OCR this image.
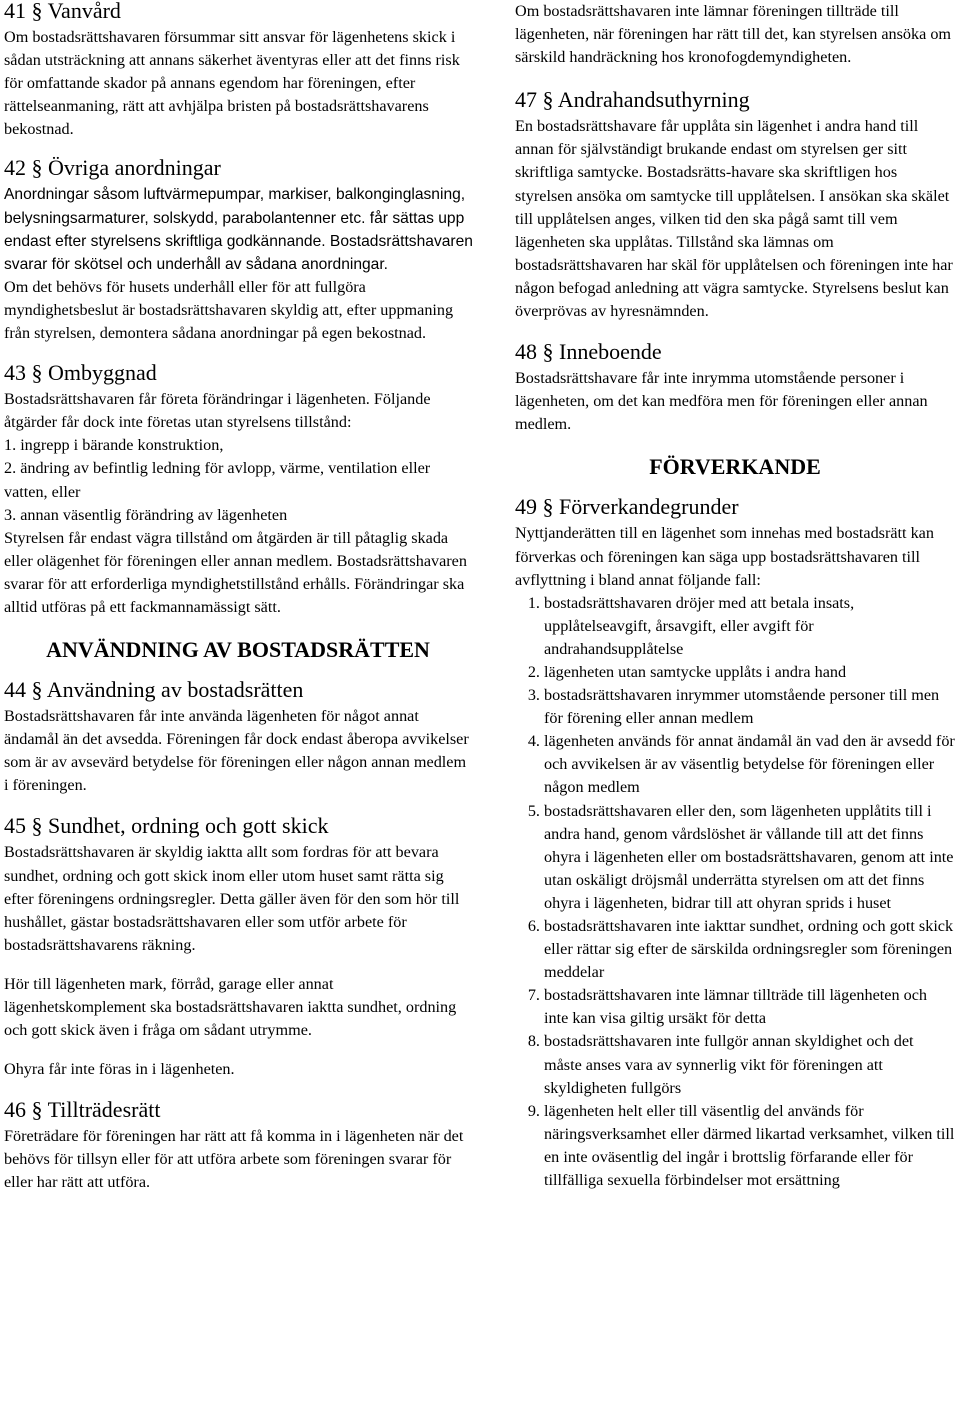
41 § Vanvård

Om bostadsrättshavaren försummar sitt ansvar för lägenhetens skick i sådan utsträckning att annans säkerhet äventyras eller att det finns risk för omfattande skador på annans egendom har föreningen, efter rättelseanmaning, rätt att avhjälpa bristen på bostadsrättshavarens bekostnad.

42 § Övriga anordningar

Anordningar såsom luftvärmepumpar, markiser, balkonginglasning, belysningsarmaturer, solskydd, parabolantenner etc. får sättas upp endast efter styrelsens skriftliga godkännande. Bostadsrättshavaren svarar för skötsel och underhåll av sådana anordningar.

Om det behövs för husets underhåll eller för att fullgöra myndighetsbeslut är bostadsrättshavaren skyldig att, efter uppmaning från styrelsen, demontera sådana anordningar på egen bekostnad.

43 § Ombyggnad

Bostadsrättshavaren får företa förändringar i lägenheten. Följande åtgärder får dock inte företas utan styrelsens tillstånd:

1. ingrepp i bärande konstruktion,

2. ändring av befintlig ledning för avlopp, värme, ventilation eller vatten, eller

3. annan väsentlig förändring av lägenheten

Styrelsen får endast vägra tillstånd om åtgärden är till påtaglig skada eller olägenhet för föreningen eller annan medlem. Bostadsrättshavaren svarar för att erforderliga myndighetstillstånd erhålls. Förändringar ska alltid utföras på ett fackmannamässigt sätt.

ANVÄNDNING AV BOSTADSRÄTTEN

44 § Användning av bostadsrätten

Bostadsrättshavaren får inte använda lägenheten för något annat ändamål än det avsedda. Föreningen får dock endast åberopa avvikelser som är av avsevärd betydelse för föreningen eller någon annan medlem i föreningen.

45 § Sundhet, ordning och gott skick

Bostadsrättshavaren är skyldig iaktta allt som fordras för att bevara sundhet, ordning och gott skick inom eller utom huset samt rätta sig efter föreningens ordningsregler. Detta gäller även för den som hör till hushållet, gästar bostadsrättshavaren eller som utför arbete för bostadsrättshavarens räkning.

Hör till lägenheten mark, förråd, garage eller annat lägenhetskomplement ska bostadsrättshavaren iaktta sundhet, ordning och gott skick även i fråga om sådant utrymme.

Ohyra får inte föras in i lägenheten.

46 § Tillträdesrätt

Företrädare för föreningen har rätt att få komma in i lägenheten när det behövs för tillsyn eller för att utföra arbete som föreningen svarar för eller har rätt att utföra.

Om bostadsrättshavaren inte lämnar föreningen tillträde till lägenheten, när föreningen har rätt till det, kan styrelsen ansöka om särskild handräckning hos kronofogdemyndigheten.

47 § Andrahandsuthyrning

En bostadsrättshavare får upplåta sin lägenhet i andra hand till annan för självständigt brukande endast om styrelsen ger sitt skriftliga samtycke. Bostadsrätts-havare ska skriftligen hos styrelsen ansöka om samtycke till upplåtelsen. I ansökan ska skälet till upplåtelsen anges, vilken tid den ska pågå samt till vem lägenheten ska upplåtas. Tillstånd ska lämnas om bostadsrättshavaren har skäl för upplåtelsen och föreningen inte har någon befogad anledning att vägra samtycke. Styrelsens beslut kan överprövas av hyresnämnden.

48 § Inneboende

Bostadsrättshavare får inte inrymma utomstående personer i lägenheten, om det kan medföra men för föreningen eller annan medlem.

FÖRVERKANDE

49 § Förverkandegrunder

Nyttjanderätten till en lägenhet som innehas med bostadsrätt kan förverkas och föreningen kan säga upp bostadsrättshavaren till avflyttning i bland annat följande fall:

1. bostadsrättshavaren dröjer med att betala insats, upplåtelseavgift, årsavgift, eller avgift för andrahandsupplåtelse
2. lägenheten utan samtycke upplåts i andra hand
3. bostadsrättshavaren inrymmer utomstående personer till men för förening eller annan medlem
4. lägenheten används för annat ändamål än vad den är avsedd för och avvikelsen är av väsentlig betydelse för föreningen eller någon medlem
5. bostadsrättshavaren eller den, som lägenheten upplåtits till i andra hand, genom vårdslöshet är vållande till att det finns ohyra i lägenheten eller om bostadsrättshavaren, genom att inte utan oskäligt dröjsmål underrätta styrelsen om att det finns ohyra i lägenheten, bidrar till att ohyran sprids i huset
6. bostadsrättshavaren inte iakttar sundhet, ordning och gott skick eller rättar sig efter de särskilda ordningsregler som föreningen meddelar
7. bostadsrättshavaren inte lämnar tillträde till lägenheten och inte kan visa giltig ursäkt för detta
8. bostadsrättshavaren inte fullgör annan skyldighet och det måste anses vara av synnerlig vikt för föreningen att skyldigheten fullgörs
9. lägenheten helt eller till väsentlig del används för näringsverksamhet eller därmed likartad verksamhet, vilken till en inte oväsentlig del ingår i brottslig förfarande eller för tillfälliga sexuella förbindelser mot ersättning
